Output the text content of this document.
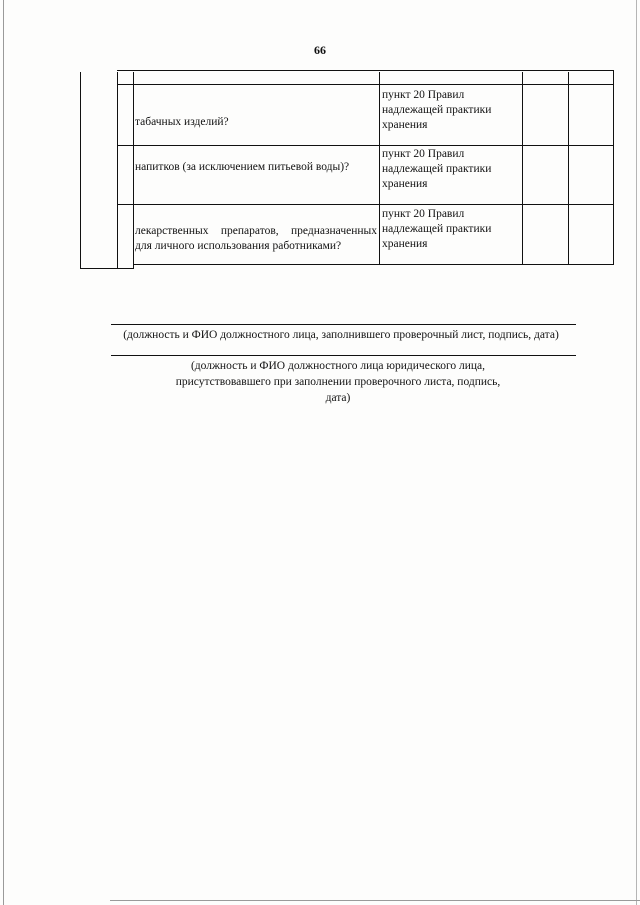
66
табачных изделий?
пункт 20 Правил надлежащей практики хранения
напитков (за исключением питьевой воды)?
пункт 20 Правил надлежащей практики хранения
лекарственных препаратов, предназначенных для личного использования работниками?
пункт 20 Правил надлежащей практики хранения
(должность и ФИО должностного лица, заполнившего проверочный лист, подпись, дата)
(должность и ФИО должностного лица юридического лица, присутствовавшего при заполнении проверочного листа, подпись, дата)
